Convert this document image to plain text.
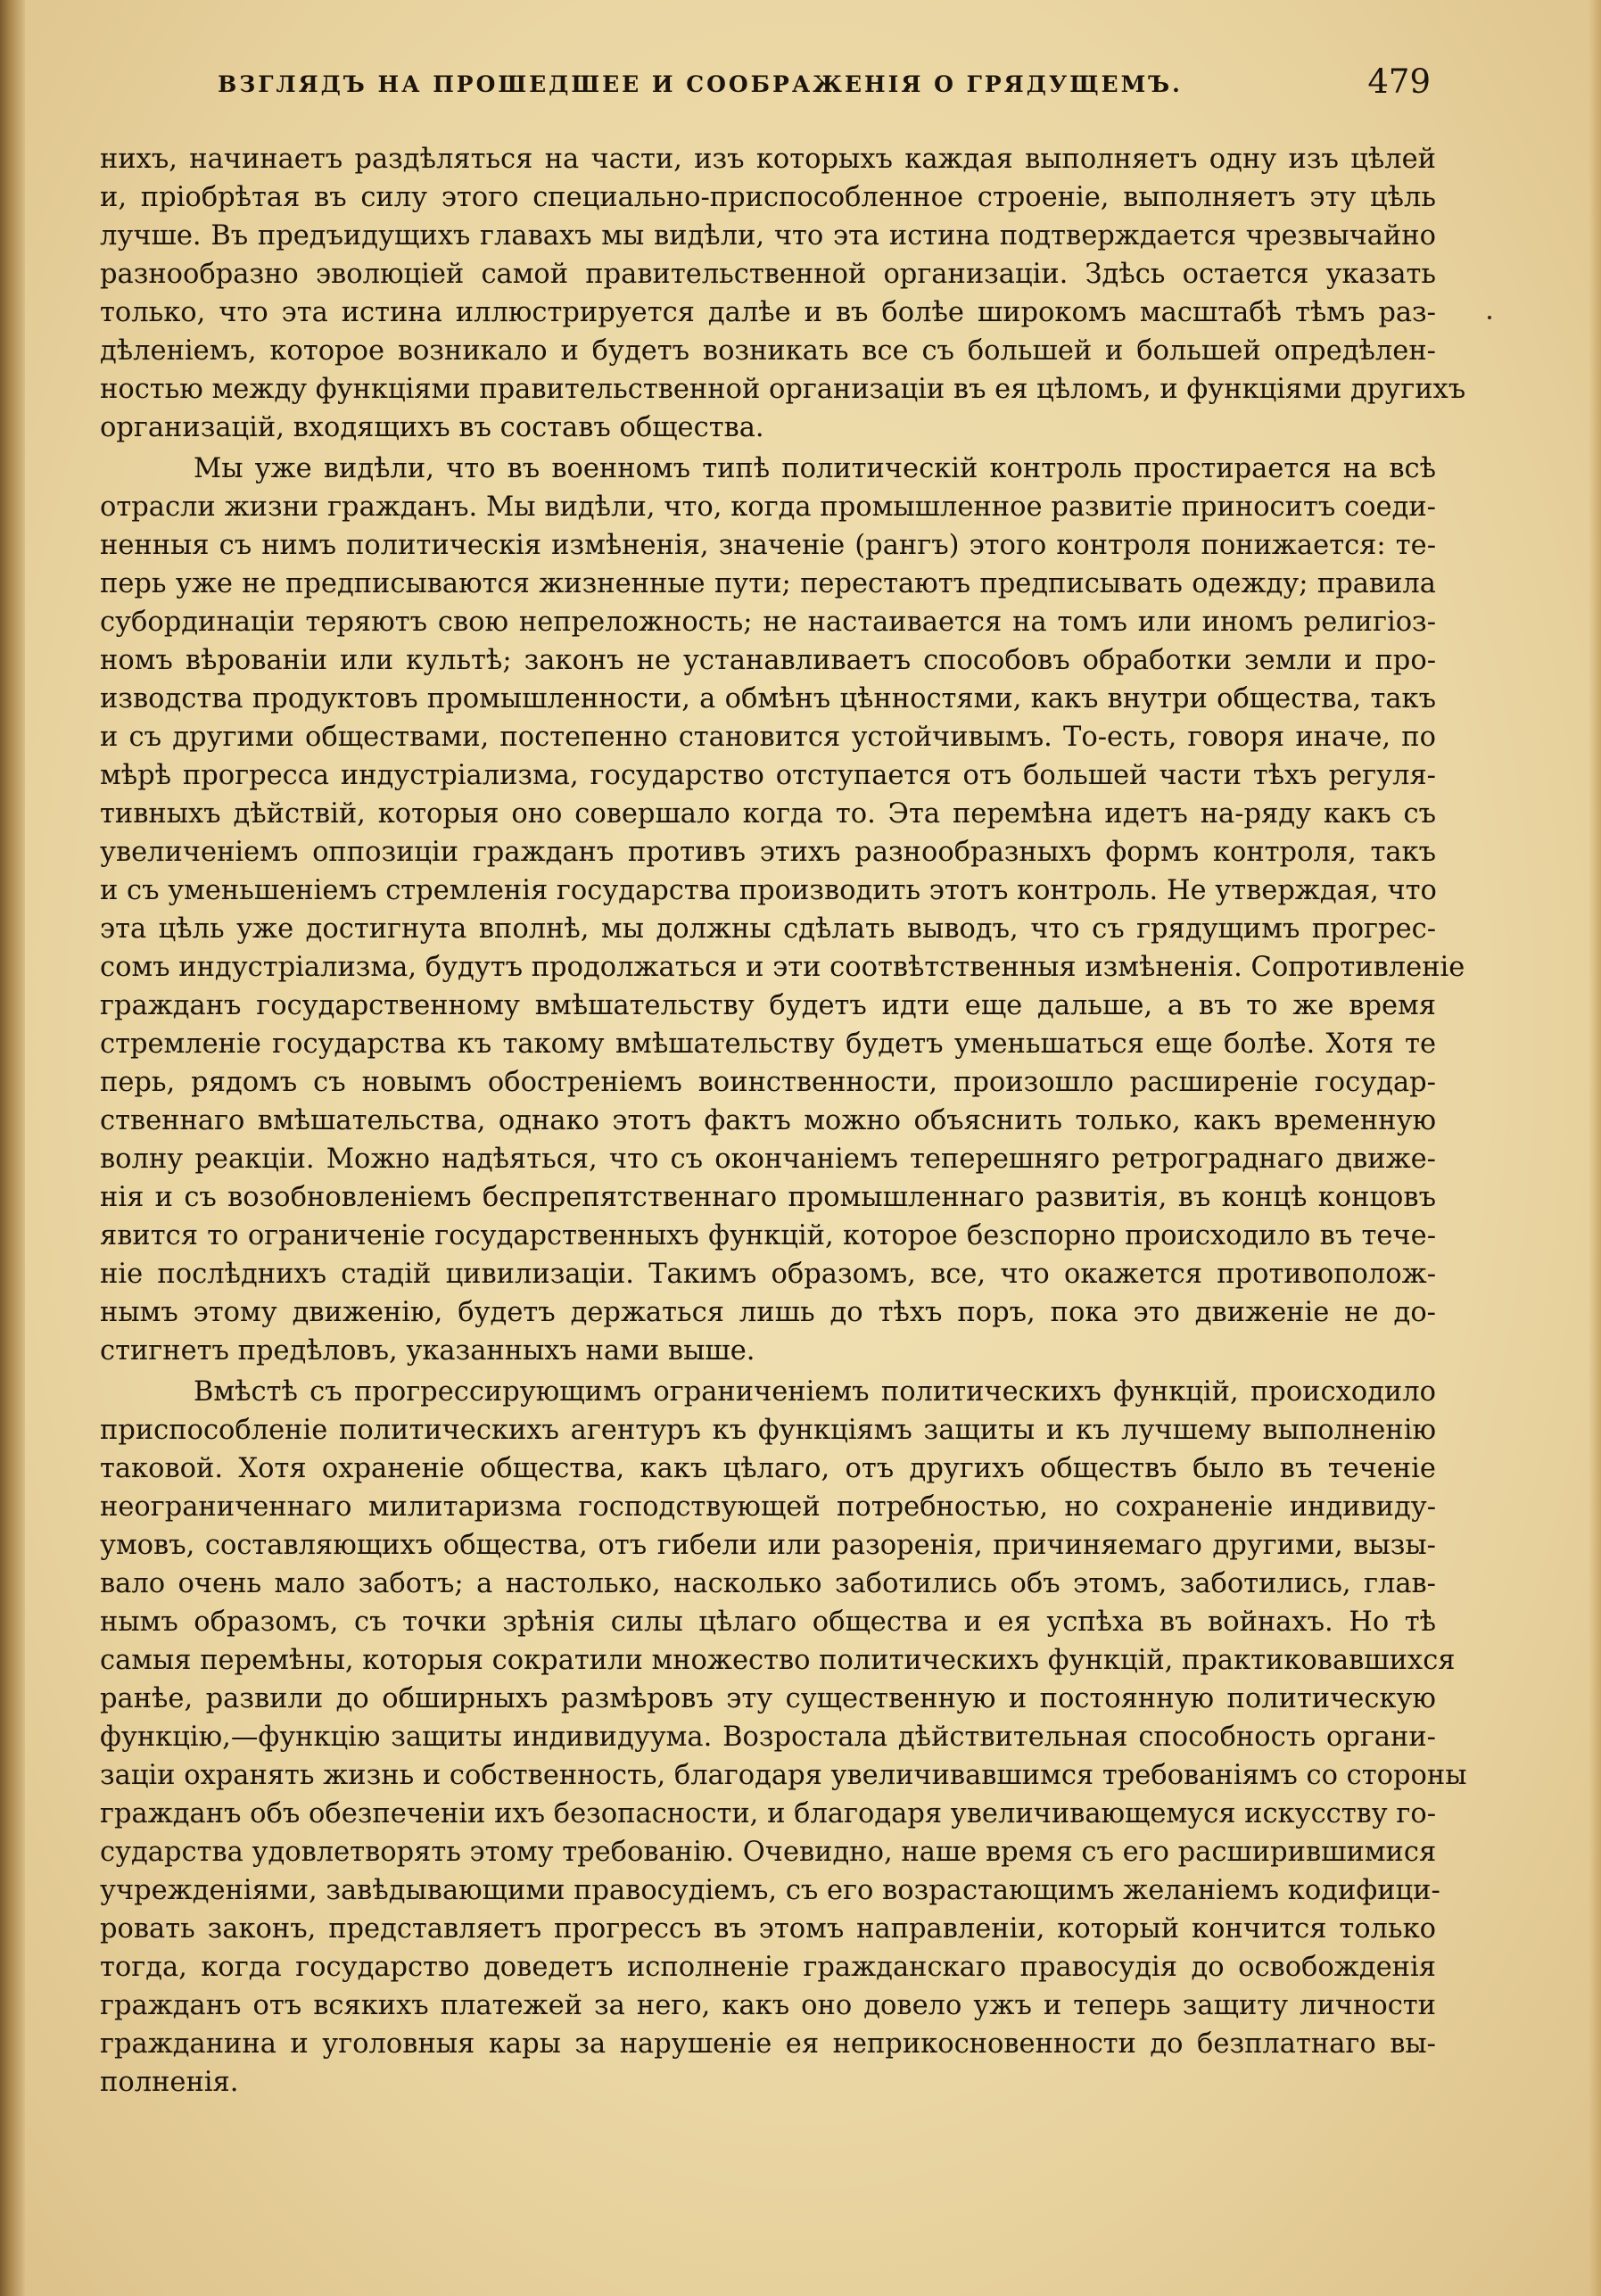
ВЗГЛЯДЪ НА ПРОШЕДШЕЕ И СООБРАЖЕНІЯ О ГРЯДУЩЕМЪ.	479
нихъ, начинаетъ раздѣляться на части, изъ которыхъ каждая выполняетъ одну изъ цѣлей
и, пріобрѣтая въ силу этого специально-приспособленное строеніе, выполняетъ эту цѣль
лучше. Въ предъидущихъ главахъ мы видѣли, что эта истина подтверждается чрезвычайно
разнообразно эволюціей самой правительственной организаціи. Здѣсь остается указать
только, что эта истина иллюстрируется далѣе и въ болѣе широкомъ масштабѣ тѣмъ раз-
дѣленіемъ, которое возникало и будетъ возникать все съ большей и большей опредѣлен-
ностью между функціями правительственной организаціи въ ея цѣломъ, и функціями другихъ
организацій, входящихъ въ составъ общества.
Мы уже видѣли, что въ военномъ типѣ политическій контроль простирается на всѣ
отрасли жизни гражданъ. Мы видѣли, что, когда промышленное развитіе приноситъ соеди-
ненныя съ нимъ политическія измѣненія, значеніе (рангъ) этого контроля понижается: те-
перь уже не предписываются жизненные пути; перестаютъ предписывать одежду; правила
субординаціи теряютъ свою непреложность; не настаивается на томъ или иномъ религіоз-
номъ вѣрованіи или культѣ; законъ не устанавливаетъ способовъ обработки земли и про-
изводства продуктовъ промышленности, а обмѣнъ цѣнностями, какъ внутри общества, такъ
и съ другими обществами, постепенно становится устойчивымъ. То-есть, говоря иначе, по
мѣрѣ прогресса индустріализма, государство отступается отъ большей части тѣхъ регуля-
тивныхъ дѣйствій, которыя оно совершало когда то. Эта перемѣна идетъ на-ряду какъ съ
увеличеніемъ оппозиціи гражданъ противъ этихъ разнообразныхъ формъ контроля, такъ
и съ уменьшеніемъ стремленія государства производить этотъ контроль. Не утверждая, что
эта цѣль уже достигнута вполнѣ, мы должны сдѣлать выводъ, что съ грядущимъ прогрес-
сомъ индустріализма, будутъ продолжаться и эти соотвѣтственныя измѣненія. Сопротивленіе
гражданъ государственному вмѣшательству будетъ идти еще дальше, а въ то же время
стремленіе государства къ такому вмѣшательству будетъ уменьшаться еще болѣе. Хотя те
перь, рядомъ съ новымъ обостреніемъ воинственности, произошло расширеніе государ-
ственнаго вмѣшательства, однако этотъ фактъ можно объяснить только, какъ временную
волну реакціи. Можно надѣяться, что съ окончаніемъ теперешняго ретрограднаго движе-
нія и съ возобновленіемъ беспрепятственнаго промышленнаго развитія, въ концѣ концовъ
явится то ограниченіе государственныхъ функцій, которое безспорно происходило въ тече-
ніе послѣднихъ стадій цивилизаціи. Такимъ образомъ, все, что окажется противополож-
нымъ этому движенію, будетъ держаться лишь до тѣхъ поръ, пока это движеніе не до-
стигнетъ предѣловъ, указанныхъ нами выше.
Вмѣстѣ съ прогрессирующимъ ограниченіемъ политическихъ функцій, происходило
приспособленіе политическихъ агентуръ къ функціямъ защиты и къ лучшему выполненію
таковой. Хотя охраненіе общества, какъ цѣлаго, отъ другихъ обществъ было въ теченіе
неограниченнаго милитаризма господствующей потребностью, но сохраненіе индивиду-
умовъ, составляющихъ общества, отъ гибели или разоренія, причиняемаго другими, вызы-
вало очень мало заботъ; а настолько, насколько заботились объ этомъ, заботились, глав-
нымъ образомъ, съ точки зрѣнія силы цѣлаго общества и ея успѣха въ войнахъ. Но тѣ
самыя перемѣны, которыя сократили множество политическихъ функцій, практиковавшихся
ранѣе, развили до обширныхъ размѣровъ эту существенную и постоянную политическую
функцію,—функцію защиты индивидуума. Возростала дѣйствительная способность органи-
заціи охранять жизнь и собственность, благодаря увеличивавшимся требованіямъ со стороны
гражданъ объ обезпеченіи ихъ безопасности, и благодаря увеличивающемуся искусству го-
сударства удовлетворять этому требованію. Очевидно, наше время съ его расширившимися
учрежденіями, завѣдывающими правосудіемъ, съ его возрастающимъ желаніемъ кодифици-
ровать законъ, представляетъ прогрессъ въ этомъ направленіи, который кончится только
тогда, когда государство доведетъ исполненіе гражданскаго правосудія до освобожденія
гражданъ отъ всякихъ платежей за него, какъ оно довело ужъ и теперь защиту личности
гражданина и уголовныя кары за нарушеніе ея неприкосновенности до безплатнаго вы-
полненія.
